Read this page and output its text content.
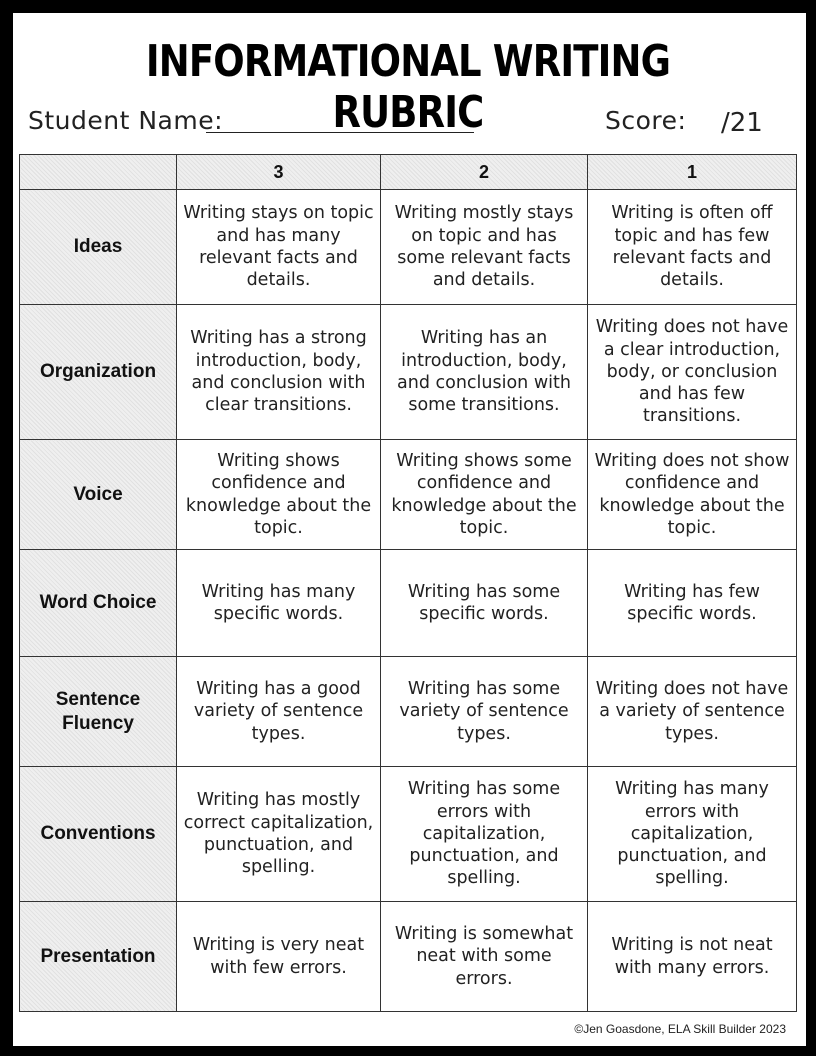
INFORMATIONAL WRITING RUBRIC
Student Name:	Score: /21
	3	2	1
Ideas	Writing stays on topic and has many relevant facts and details.	Writing mostly stays on topic and has some relevant facts and details.	Writing is often off topic and has few relevant facts and details.
Organization	Writing has a strong introduction, body, and conclusion with clear transitions.	Writing has an introduction, body, and conclusion with some transitions.	Writing does not have a clear introduction, body, or conclusion and has few transitions.
Voice	Writing shows confidence and knowledge about the topic.	Writing shows some confidence and knowledge about the topic.	Writing does not show confidence and knowledge about the topic.
Word Choice	Writing has many specific words.	Writing has some specific words.	Writing has few specific words.
Sentence Fluency	Writing has a good variety of sentence types.	Writing has some variety of sentence types.	Writing does not have a variety of sentence types.
Conventions	Writing has mostly correct capitalization, punctuation, and spelling.	Writing has some errors with capitalization, punctuation, and spelling.	Writing has many errors with capitalization, punctuation, and spelling.
Presentation	Writing is very neat with few errors.	Writing is somewhat neat with some errors.	Writing is not neat with many errors.
©Jen Goasdone, ELA Skill Builder 2023
